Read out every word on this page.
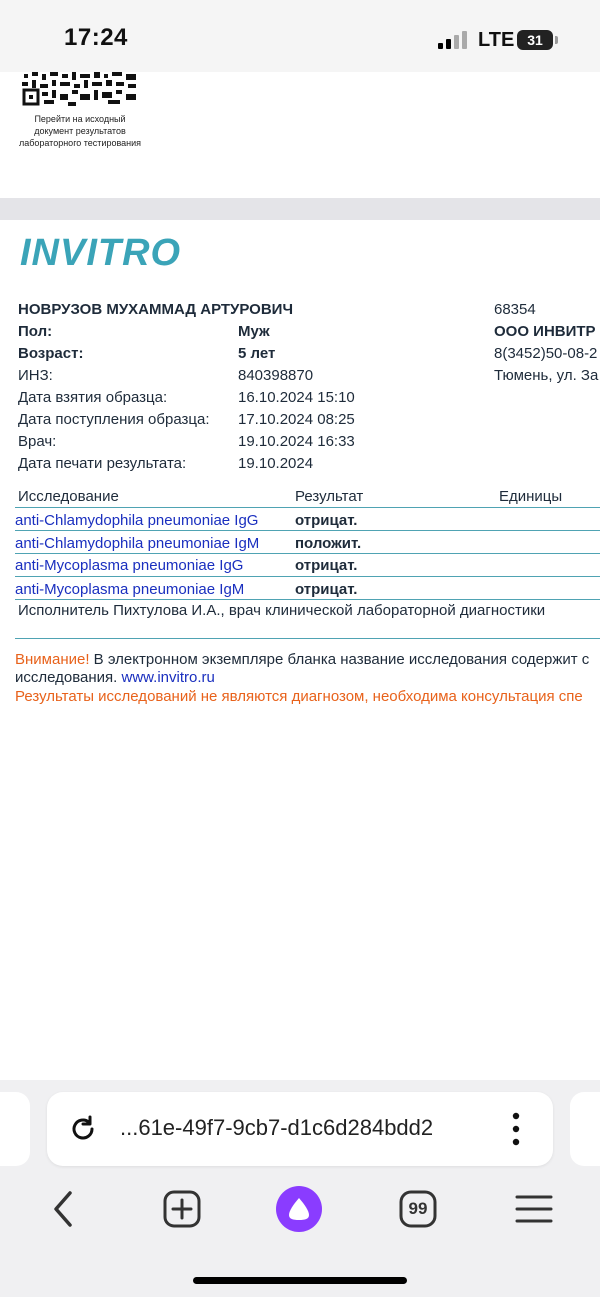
17:24	LTE 31
Перейти на исходный
документ результатов
лабораторного тестирования
INVITRO
НОВРУЗОВ МУХАММАД АРТУРОВИЧ	68354
ООО ИНВИТР
8(3452)50-08-2
Тюмень, ул. За
Пол:	Муж
Возраст:	5 лет
ИНЗ:	840398870
Дата взятия образца:	16.10.2024 15:10
Дата поступления образца: 17.10.2024 08:25
Врач:	19.10.2024 16:33
Дата печати результата:	19.10.2024
Исследование	Результат	Единицы
anti-Chlamydophila pneumoniae IgG отрицат.
anti-Chlamydophila pneumoniae IgM положит.
anti-Mycoplasma pneumoniae IgG	отрицат.
anti-Mycoplasma pneumoniae IgM	отрицат.
Исполнитель Пихтулова И.А., врач клинической лабораторной диагностики
Внимание! В электронном экземпляре бланка название исследования содержит с
исследования. www.invitro.ru
Результаты исследований не являются диагнозом, необходима консультация спе
...61e-49f7-9cb7-d1c6d284bdd2
99
